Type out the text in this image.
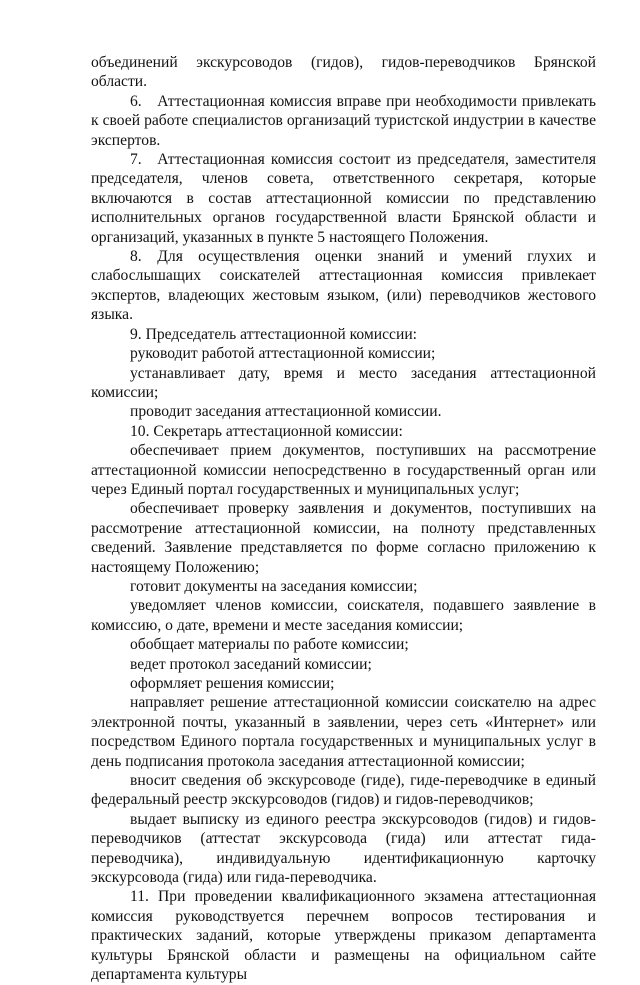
объединений экскурсоводов (гидов), гидов-переводчиков Брянской области.

6. Аттестационная комиссия вправе при необходимости привлекать к своей работе специалистов организаций туристской индустрии в качестве экспертов.

7. Аттестационная комиссия состоит из председателя, заместителя председателя, членов совета, ответственного секретаря, которые включаются в состав аттестационной комиссии по представлению исполнительных органов государственной власти Брянской области и организаций, указанных в пункте 5 настоящего Положения.

8. Для осуществления оценки знаний и умений глухих и слабослышащих соискателей аттестационная комиссия привлекает экспертов, владеющих жестовым языком, (или) переводчиков жестового языка.

9. Председатель аттестационной комиссии:

руководит работой аттестационной комиссии;

устанавливает дату, время и место заседания аттестационной комиссии;

проводит заседания аттестационной комиссии.

10. Секретарь аттестационной комиссии:

обеспечивает прием документов, поступивших на рассмотрение аттестационной комиссии непосредственно в государственный орган или через Единый портал государственных и муниципальных услуг;

обеспечивает проверку заявления и документов, поступивших на рассмотрение аттестационной комиссии, на полноту представленных сведений. Заявление представляется по форме согласно приложению к настоящему Положению;

готовит документы на заседания комиссии;

уведомляет членов комиссии, соискателя, подавшего заявление в комиссию, о дате, времени и месте заседания комиссии;

обобщает материалы по работе комиссии;

ведет протокол заседаний комиссии;

оформляет решения комиссии;

направляет решение аттестационной комиссии соискателю на адрес электронной почты, указанный в заявлении, через сеть «Интернет» или посредством Единого портала государственных и муниципальных услуг в день подписания протокола заседания аттестационной комиссии;

вносит сведения об экскурсоводе (гиде), гиде-переводчике в единый федеральный реестр экскурсоводов (гидов) и гидов-переводчиков;

выдает выписку из единого реестра экскурсоводов (гидов) и гидов-переводчиков (аттестат экскурсовода (гида) или аттестат гида-переводчика), индивидуальную идентификационную карточку экскурсовода (гида) или гида-переводчика.

11. При проведении квалификационного экзамена аттестационная комиссия руководствуется перечнем вопросов тестирования и практических заданий, которые утверждены приказом департамента культуры Брянской области и размещены на официальном сайте департамента культуры
